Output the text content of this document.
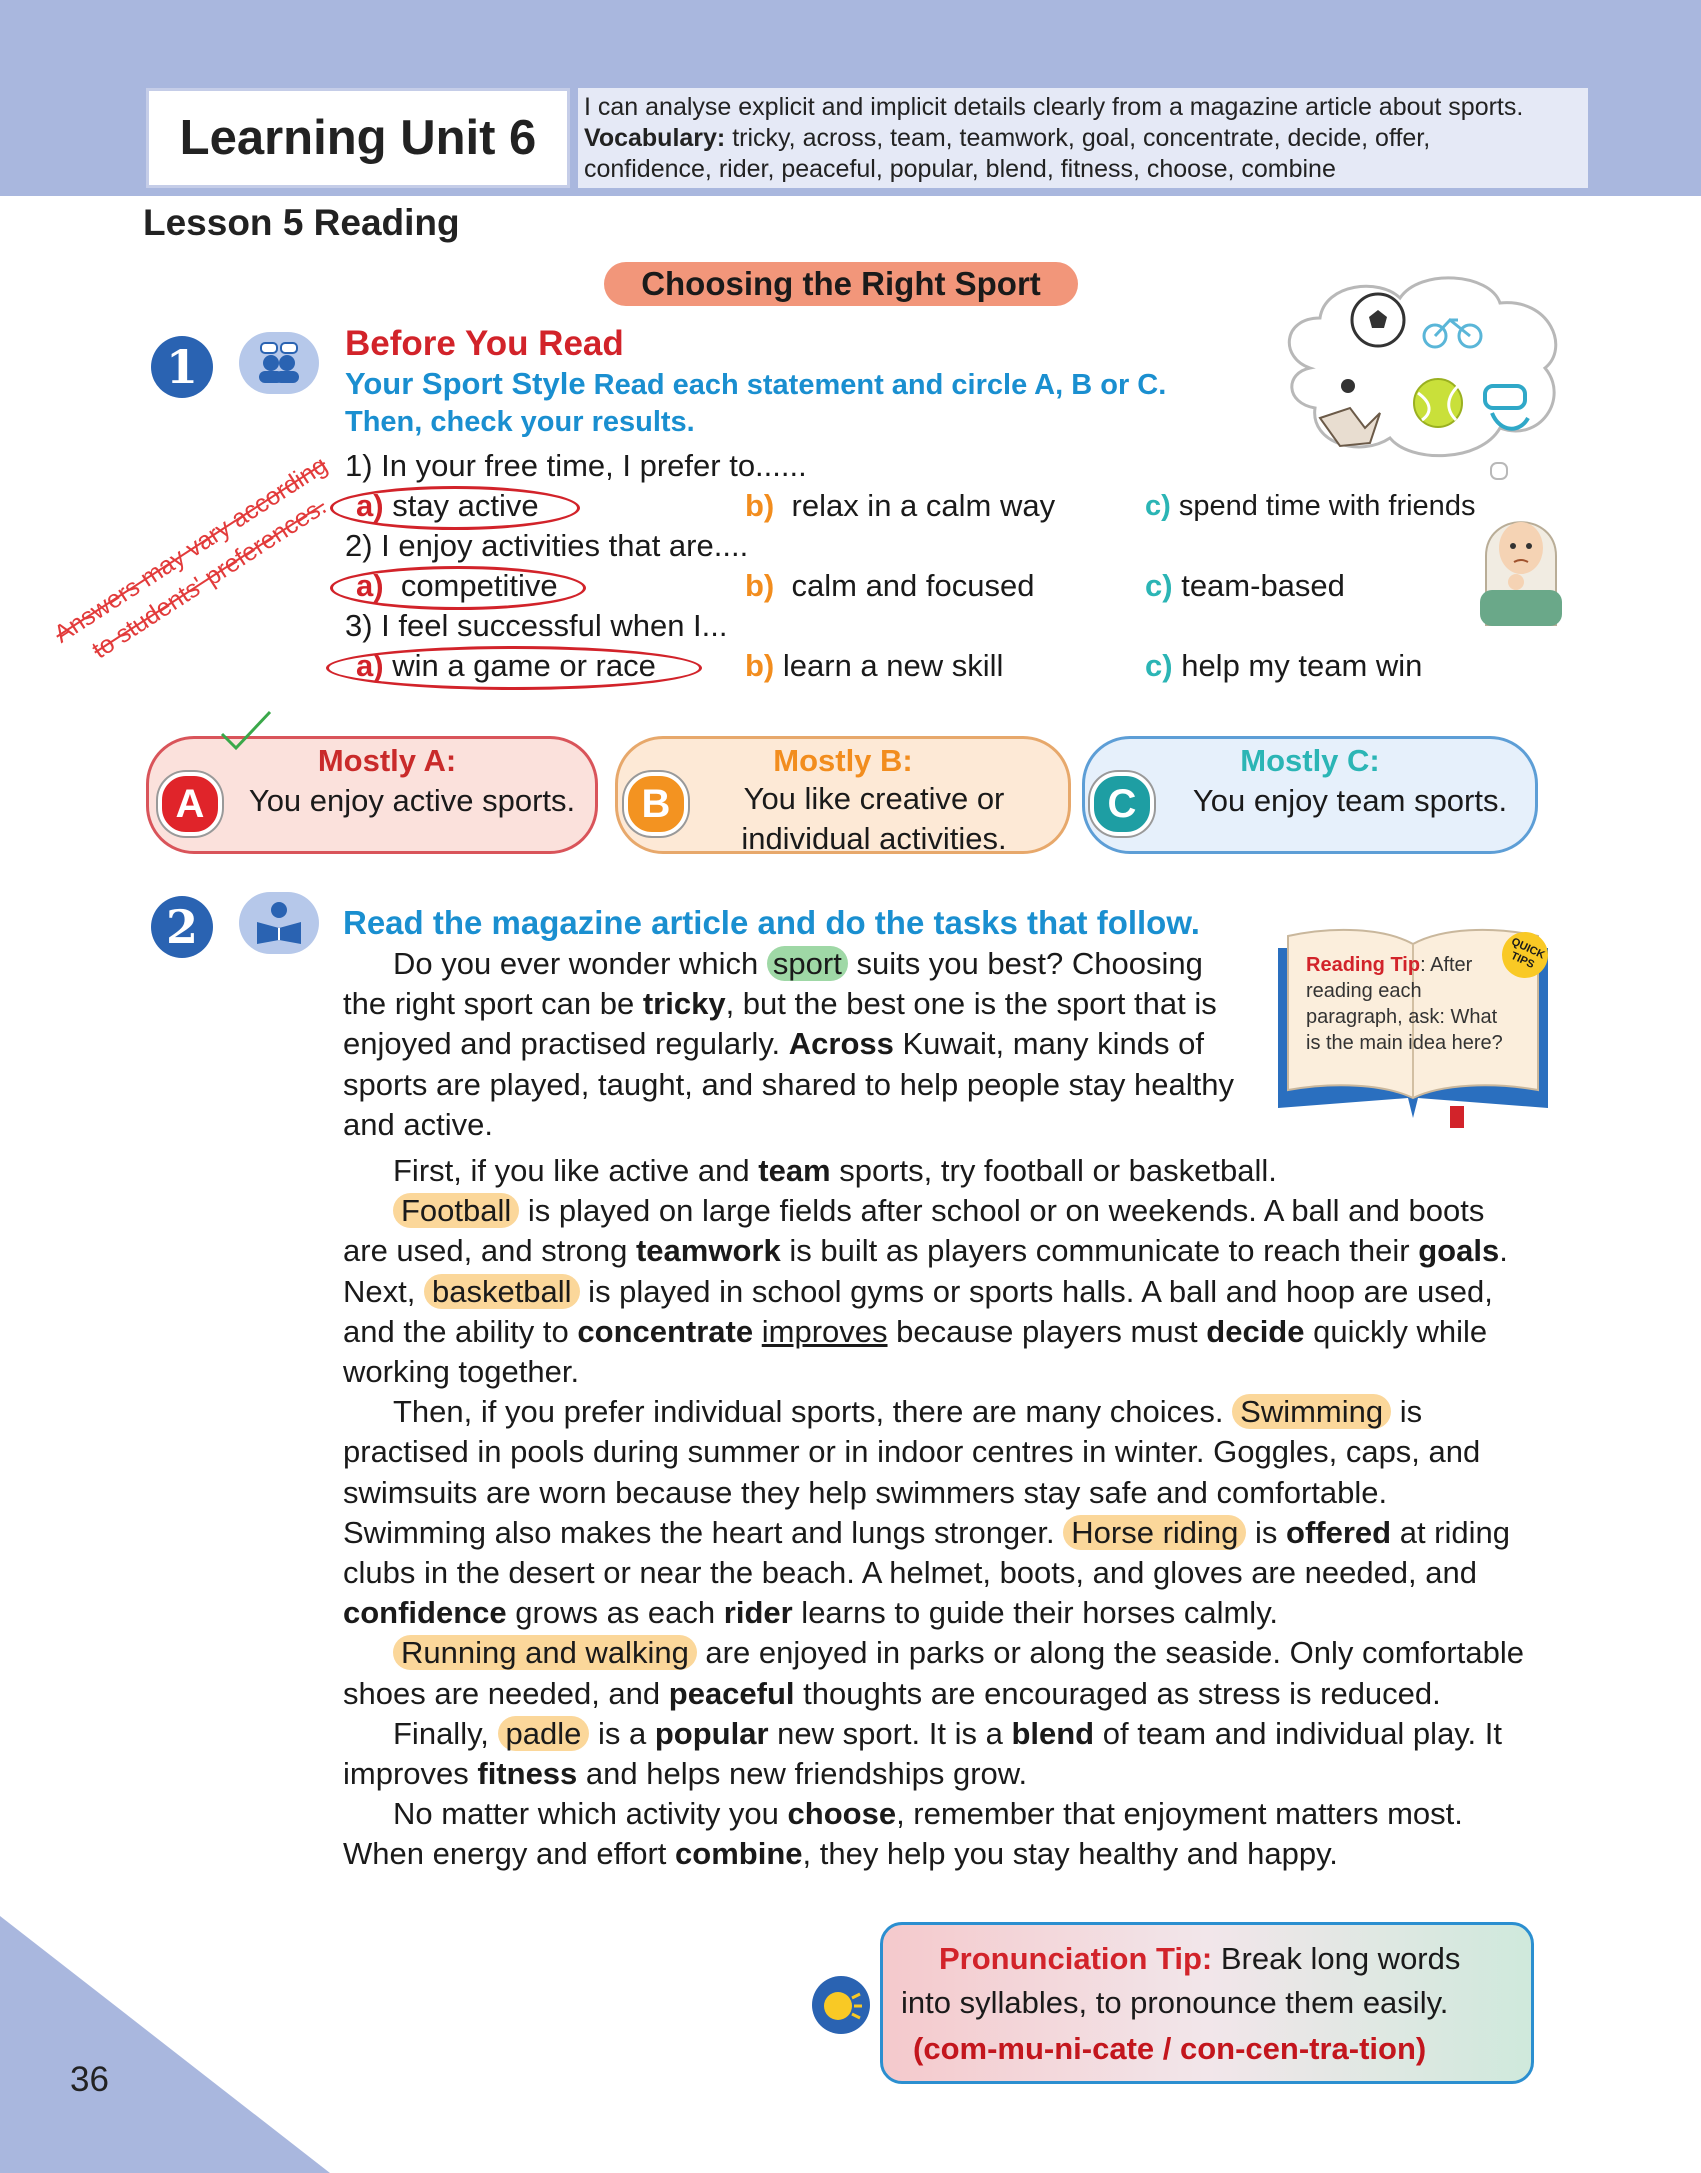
Learning Unit 6
I can analyse explicit and implicit details clearly from a magazine article about sports.
Vocabulary: tricky, across, team, teamwork, goal, concentrate, decide, offer,
confidence, rider, peaceful, popular, blend, fitness, choose, combine
Lesson 5 Reading
Choosing the Right Sport
1	Before You Read
Your Sport Style Read each statement and circle A, B or C.
Then, check your results.
1) In your free time, I prefer to......
a) stay active	b) relax in a calm way	c) spend time with friends
2) I enjoy activities that are....
a) competitive	b) calm and focused	c) team-based
3) I feel successful when I...
a) win a game or race	b) learn a new skill	c) help my team win
Answers may vary according to students' preferences.
Mostly A:
You enjoy active sports.
A
Mostly B:
You like creative or individual activities.
B
Mostly C:
You enjoy team sports.
C
2	Read the magazine article and do the tasks that follow.
Reading Tip: After reading each paragraph, ask: What is the main idea here?
QUICK TIPS

Do you ever wonder which sport suits you best? Choosing the right sport can be tricky, but the best one is the sport that is enjoyed and practised regularly. Across Kuwait, many kinds of sports are played, taught, and shared to help people stay healthy and active.

First, if you like active and team sports, try football or basketball.

Football is played on large fields after school or on weekends. A ball and boots are used, and strong teamwork is built as players communicate to reach their goals. Next, basketball is played in school gyms or sports halls. A ball and hoop are used, and the ability to concentrate improves because players must decide quickly while working together.

Then, if you prefer individual sports, there are many choices. Swimming is practised in pools during summer or in indoor centres in winter. Goggles, caps, and swimsuits are worn because they help swimmers stay safe and comfortable. Swimming also makes the heart and lungs stronger. Horse riding is offered at riding clubs in the desert or near the beach. A helmet, boots, and gloves are needed, and confidence grows as each rider learns to guide their horses calmly.

Running and walking are enjoyed in parks or along the seaside. Only comfortable shoes are needed, and peaceful thoughts are encouraged as stress is reduced.

Finally, padle is a popular new sport. It is a blend of team and individual play. It improves fitness and helps new friendships grow.

No matter which activity you choose, remember that enjoyment matters most. When energy and effort combine, they help you stay healthy and happy.

Pronunciation Tip: Break long words into syllables, to pronounce them easily.
(com-mu-ni-cate / con-cen-tra-tion)
36
